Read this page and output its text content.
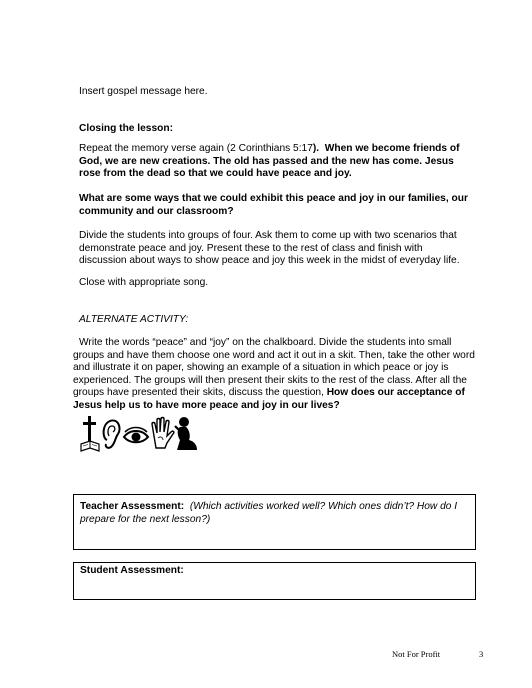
Insert gospel message here.

Closing the lesson:

Repeat the memory verse again (2 Corinthians 5:17). When we become friends of God, we are new creations. The old has passed and the new has come. Jesus rose from the dead so that we could have peace and joy.

What are some ways that we could exhibit this peace and joy in our families, our community and our classroom?

Divide the students into groups of four. Ask them to come up with two scenarios that demonstrate peace and joy. Present these to the rest of class and finish with discussion about ways to show peace and joy this week in the midst of everyday life.

Close with appropriate song.

ALTERNATE ACTIVITY:

Write the words “peace” and “joy” on the chalkboard. Divide the students into small groups and have them choose one word and act it out in a skit. Then, take the other word and illustrate it on paper, showing an example of a situation in which peace or joy is experienced. The groups will then present their skits to the rest of the class. After all the groups have presented their skits, discuss the question, How does our acceptance of Jesus help us to have more peace and joy in our lives?

Teacher Assessment: (Which activities worked well? Which ones didn’t? How do I prepare for the next lesson?)

Student Assessment:

Not For Profit	3
